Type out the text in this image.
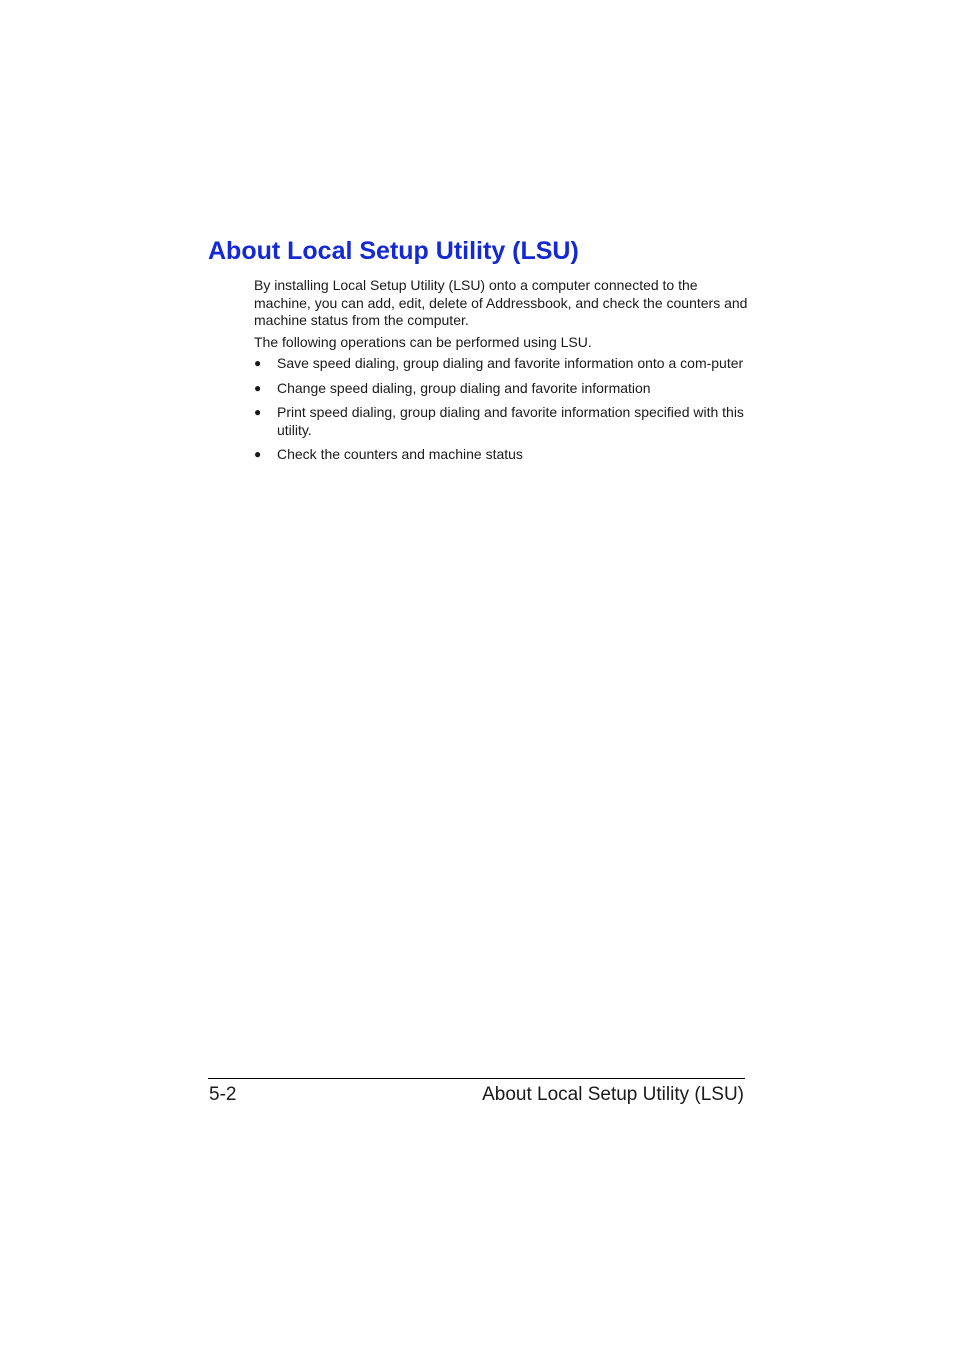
About Local Setup Utility (LSU)

By installing Local Setup Utility (LSU) onto a computer connected to the machine, you can add, edit, delete of Addressbook, and check the counters and machine status from the computer.

The following operations can be performed using LSU.

● Save speed dialing, group dialing and favorite information onto a com-puter
● Change speed dialing, group dialing and favorite information
● Print speed dialing, group dialing and favorite information specified with this utility.
● Check the counters and machine status
5-2	About Local Setup Utility (LSU)
